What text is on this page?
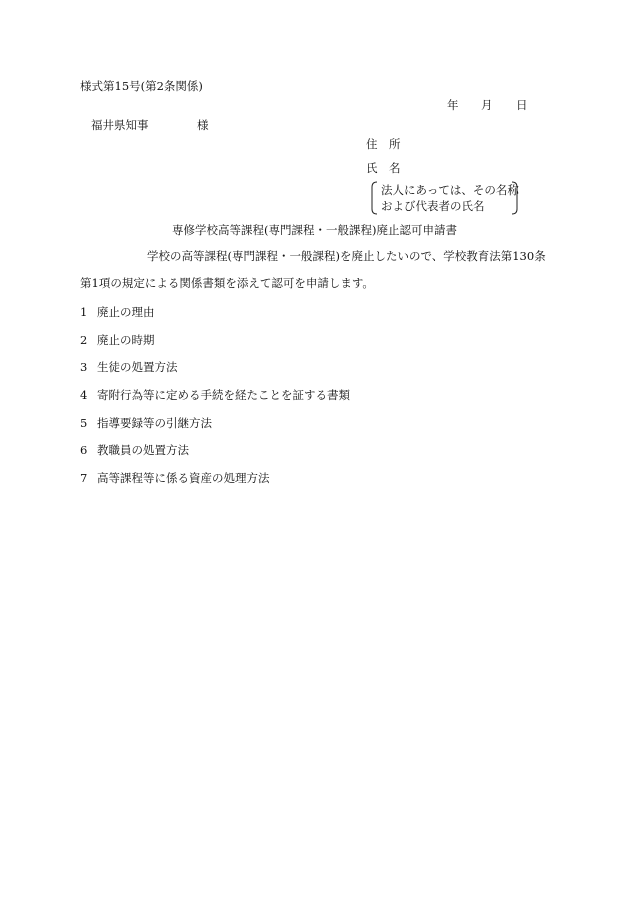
様式第15号(第2条関係)
年 月 日
福井県知事	様
住　所
氏　名
法人にあっては、その名称
および代表者の氏名
専修学校高等課程(専門課程・一般課程)廃止認可申請書
学校の高等課程(専門課程・一般課程)を廃止したいので、学校教育法第130条
第1項の規定による関係書類を添えて認可を申請します。
1 廃止の理由
2 廃止の時期
3 生徒の処置方法
4 寄附行為等に定める手続を経たことを証する書類
5 指導要録等の引継方法
6 教職員の処置方法
7 高等課程等に係る資産の処理方法
